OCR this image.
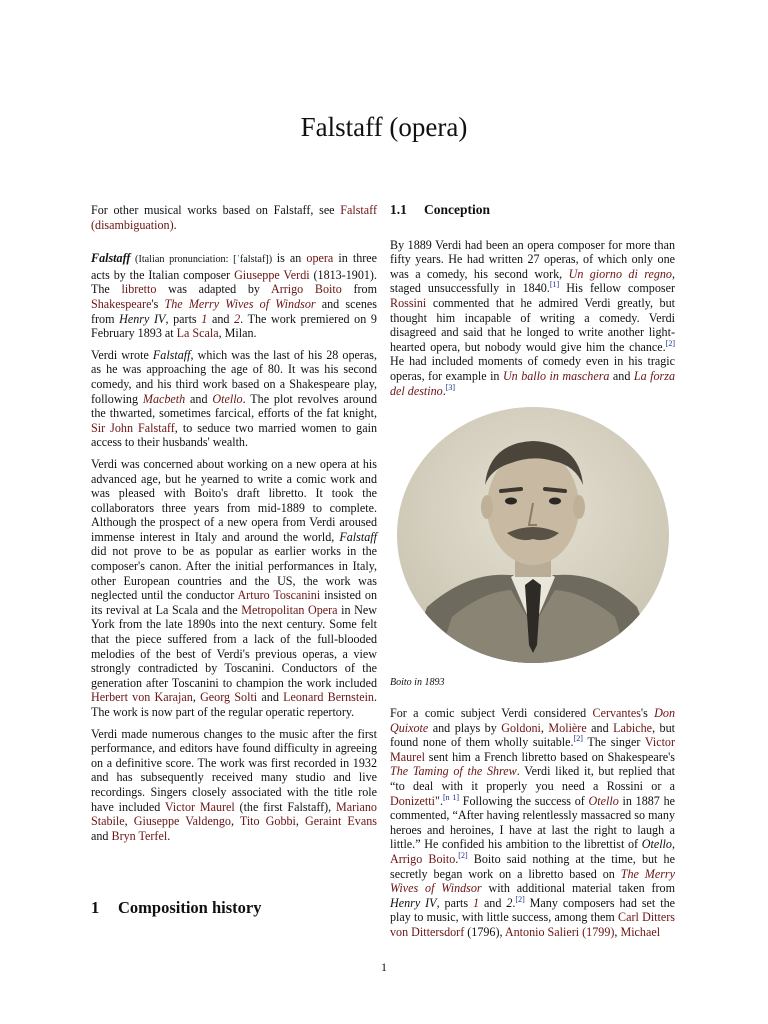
Falstaff (opera)

For other musical works based on Falstaff, see Falstaff (disambiguation).

Falstaff (Italian pronunciation: [ˈfalstaf]) is an opera in three acts by the Italian composer Giuseppe Verdi (1813-1901). The libretto was adapted by Arrigo Boito from Shakespeare's The Merry Wives of Windsor and scenes from Henry IV, parts 1 and 2. The work premiered on 9 February 1893 at La Scala, Milan.

Verdi wrote Falstaff, which was the last of his 28 operas, as he was approaching the age of 80. It was his second comedy, and his third work based on a Shakespeare play, following Macbeth and Otello. The plot revolves around the thwarted, sometimes farcical, efforts of the fat knight, Sir John Falstaff, to seduce two married women to gain access to their husbands' wealth.

Verdi was concerned about working on a new opera at his advanced age, but he yearned to write a comic work and was pleased with Boito's draft libretto. It took the collaborators three years from mid-1889 to complete. Although the prospect of a new opera from Verdi aroused immense interest in Italy and around the world, Falstaff did not prove to be as popular as earlier works in the composer's canon. After the initial performances in Italy, other European countries and the US, the work was neglected until the conductor Arturo Toscanini insisted on its revival at La Scala and the Metropolitan Opera in New York from the late 1890s into the next century. Some felt that the piece suffered from a lack of the full-blooded melodies of the best of Verdi's previous operas, a view strongly contradicted by Toscanini. Conductors of the generation after Toscanini to champion the work included Herbert von Karajan, Georg Solti and Leonard Bernstein. The work is now part of the regular operatic repertory.

Verdi made numerous changes to the music after the first performance, and editors have found difficulty in agreeing on a definitive score. The work was first recorded in 1932 and has subsequently received many studio and live recordings. Singers closely associated with the title role have included Victor Maurel (the first Falstaff), Mariano Stabile, Giuseppe Valdengo, Tito Gobbi, Geraint Evans and Bryn Terfel.

1 Composition history
1.1 Conception

By 1889 Verdi had been an opera composer for more than fifty years. He had written 27 operas, of which only one was a comedy, his second work, Un giorno di regno, staged unsuccessfully in 1840.[1] His fellow composer Rossini commented that he admired Verdi greatly, but thought him incapable of writing a comedy. Verdi disagreed and said that he longed to write another light-hearted opera, but nobody would give him the chance.[2] He had included moments of comedy even in his tragic operas, for example in Un ballo in maschera and La forza del destino.[3]

Boito in 1893

For a comic subject Verdi considered Cervantes's Don Quixote and plays by Goldoni, Molière and Labiche, but found none of them wholly suitable.[2] The singer Victor Maurel sent him a French libretto based on Shakespeare's The Taming of the Shrew. Verdi liked it, but replied that “to deal with it properly you need a Rossini or a Donizetti".[n 1] Following the success of Otello in 1887 he commented, “After having relentlessly massacred so many heroes and heroines, I have at last the right to laugh a little.” He confided his ambition to the librettist of Otello, Arrigo Boito.[2] Boito said nothing at the time, but he secretly began work on a libretto based on The Merry Wives of Windsor with additional material taken from Henry IV, parts 1 and 2.[2] Many composers had set the play to music, with little success, among them Carl Ditters von Dittersdorf (1796), Antonio Salieri (1799), Michael

1
